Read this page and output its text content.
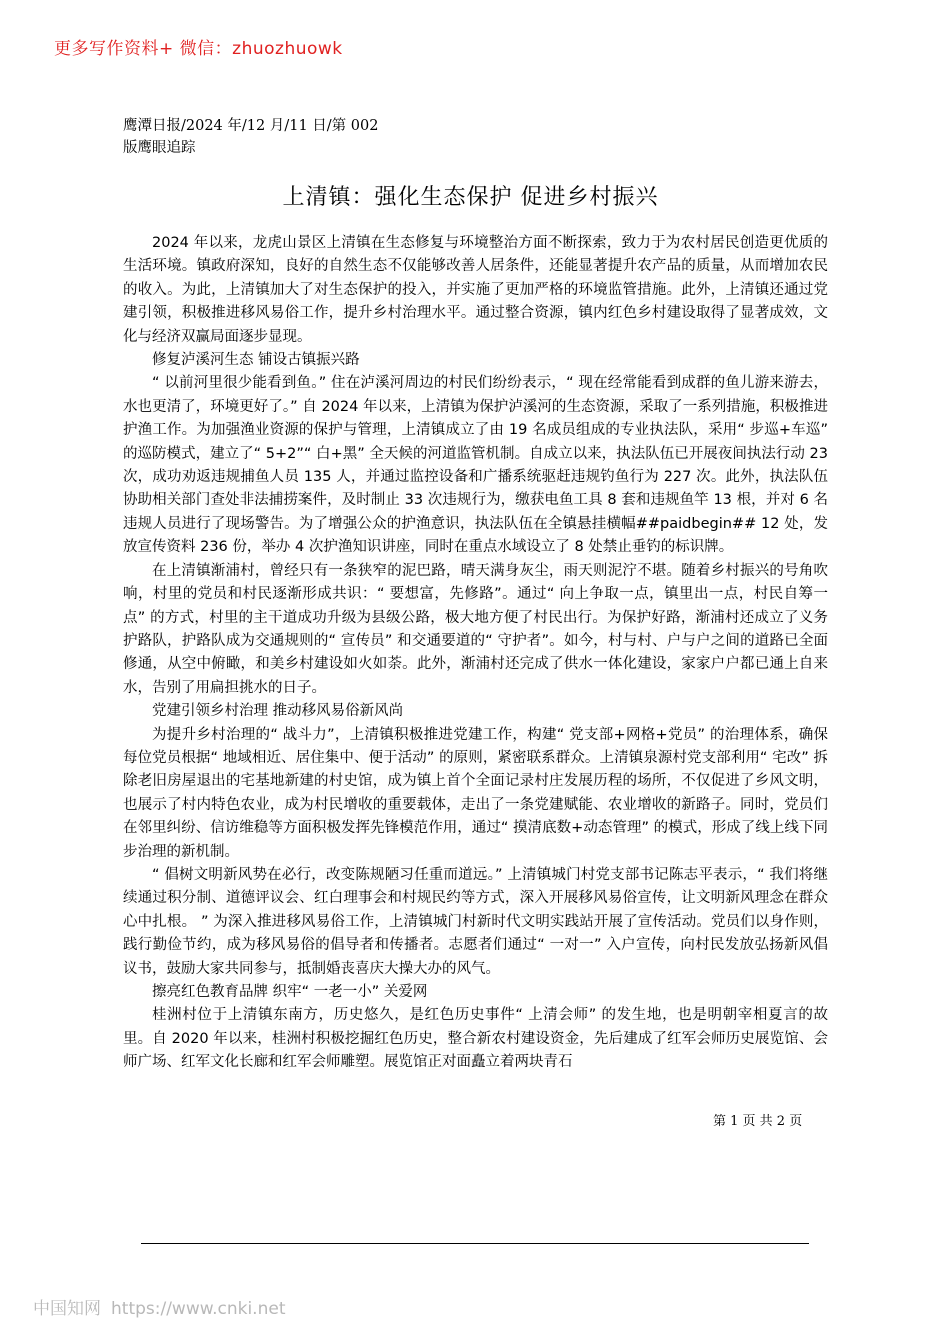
更多写作资料+ 微信：zhuozhuowk
鹰潭日报/2024 年/12 月/11 日/第 002
版鹰眼追踪
上清镇：强化生态保护 促进乡村振兴

2024 年以来，龙虎山景区上清镇在生态修复与环境整治方面不断探索，致力于为农村居民创造更优质的生活环境。镇政府深知，良好的自然生态不仅能够改善人居条件，还能显著提升农产品的质量，从而增加农民的收入。为此，上清镇加大了对生态保护的投入，并实施了更加严格的环境监管措施。此外，上清镇还通过党建引领，积极推进移风易俗工作，提升乡村治理水平。通过整合资源，镇内红色乡村建设取得了显著成效，文化与经济双赢局面逐步显现。

修复泸溪河生态 铺设古镇振兴路

“ 以前河里很少能看到鱼。” 住在泸溪河周边的村民们纷纷表示，“ 现在经常能看到成群的鱼儿游来游去，水也更清了，环境更好了。” 自 2024 年以来，上清镇为保护泸溪河的生态资源，采取了一系列措施，积极推进护渔工作。为加强渔业资源的保护与管理，上清镇成立了由 19 名成员组成的专业执法队，采用“ 步巡+车巡” 的巡防模式，建立了“ 5+2”“ 白+黑” 全天候的河道监管机制。自成立以来，执法队伍已开展夜间执法行动 23 次，成功劝返违规捕鱼人员 135 人，并通过监控设备和广播系统驱赶违规钓鱼行为 227 次。此外，执法队伍协助相关部门查处非法捕捞案件，及时制止 33 次违规行为，缴获电鱼工具 8 套和违规鱼竿 13 根，并对 6 名违规人员进行了现场警告。为了增强公众的护渔意识，执法队伍在全镇悬挂横幅##paidbegin## 12 处，发放宣传资料 236 份，举办 4 次护渔知识讲座，同时在重点水域设立了 8 处禁止垂钓的标识牌。

在上清镇渐浦村，曾经只有一条狭窄的泥巴路，晴天满身灰尘，雨天则泥泞不堪。随着乡村振兴的号角吹响，村里的党员和村民逐渐形成共识：“ 要想富，先修路”。通过“ 向上争取一点，镇里出一点，村民自筹一点” 的方式，村里的主干道成功升级为县级公路，极大地方便了村民出行。为保护好路，渐浦村还成立了义务护路队，护路队成为交通规则的“ 宣传员” 和交通要道的“ 守护者”。如今，村与村、户与户之间的道路已全面修通，从空中俯瞰，和美乡村建设如火如荼。此外，渐浦村还完成了供水一体化建设，家家户户都已通上自来水，告别了用扁担挑水的日子。

党建引领乡村治理 推动移风易俗新风尚

为提升乡村治理的“ 战斗力”，上清镇积极推进党建工作，构建“ 党支部+网格+党员” 的治理体系，确保每位党员根据“ 地域相近、居住集中、便于活动” 的原则，紧密联系群众。上清镇泉源村党支部利用“ 宅改” 拆除老旧房屋退出的宅基地新建的村史馆，成为镇上首个全面记录村庄发展历程的场所，不仅促进了乡风文明，也展示了村内特色农业，成为村民增收的重要载体，走出了一条党建赋能、农业增收的新路子。同时，党员们在邻里纠纷、信访维稳等方面积极发挥先锋模范作用，通过“ 摸清底数+动态管理” 的模式，形成了线上线下同步治理的新机制。

“ 倡树文明新风势在必行，改变陈规陋习任重而道远。” 上清镇城门村党支部书记陈志平表示，“ 我们将继续通过积分制、道德评议会、红白理事会和村规民约等方式，深入开展移风易俗宣传，让文明新风理念在群众心中扎根。 ” 为深入推进移风易俗工作，上清镇城门村新时代文明实践站开展了宣传活动。党员们以身作则，践行勤俭节约，成为移风易俗的倡导者和传播者。志愿者们通过“ 一对一” 入户宣传，向村民发放弘扬新风倡议书，鼓励大家共同参与，抵制婚丧喜庆大操大办的风气。

擦亮红色教育品牌 织牢“ 一老一小” 关爱网

桂洲村位于上清镇东南方，历史悠久，是红色历史事件“ 上清会师” 的发生地，也是明朝宰相夏言的故里。自 2020 年以来，桂洲村积极挖掘红色历史，整合新农村建设资金，先后建成了红军会师历史展览馆、会师广场、红军文化长廊和红军会师雕塑。展览馆正对面矗立着两块青石

第 1 页 共 2 页
中国知网 https://www.cnki.net
